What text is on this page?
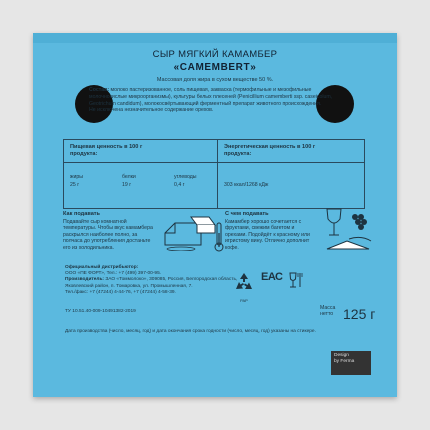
СЫР МЯГКИЙ КАМАМБЕР
«CAMEMBERT»
Массовая доля жира в сухом веществе 50 %.
Состав: молоко пастеризованное, соль пищевая, закваска (термофильные и мезофильные молочнокислые микроорганизмы), культуры белых плесеней (Penicillium camemberti ssp. caseicolum, Geotrichum candidum), молокосвёртывающий ферментный препарат животного происхождения.
Не исключена незначительное содержание орехов.
Пищевая ценность в 100 г продукта:
жиры
25 г
белки
19 г
углеводы
0,4 г
Энергетическая ценность в 100 г продукта:
303 ккал/1268 кДж
Как подавать
Подавайте сыр комнатной температуры. Чтобы вкус камамбера раскрылся наиболее полно, за полчаса до употребления достаньте его из холодильника.
С чем подавать
Камамбер хорошо сочетается с фруктами, свежим багетом и орехами. Подойдёт к красному или игристому вину. Отлично дополнит кофе.
Официальный дистрибьютор:
ООО «ПЕ ФОРТ», Тел.: +7 (499) 397-00-95.
Производитель: ЗАО «Томмолоко», 309085, Россия, Белгородская область, Яковлевский район, п. Томаровка, ул. Промышленная, 7.
Тел./факс: +7 (47244) 4-44-76, +7 (47244) 4-58-39.
ТУ 10.51.40-009-10491382-2019
Дата производства (число, месяц, год) и дата окончания срока годности (число, месяц, год) указаны на стикере.
PAP
ЕАС
Масса
нетто 125 г
Design
by Ferma
